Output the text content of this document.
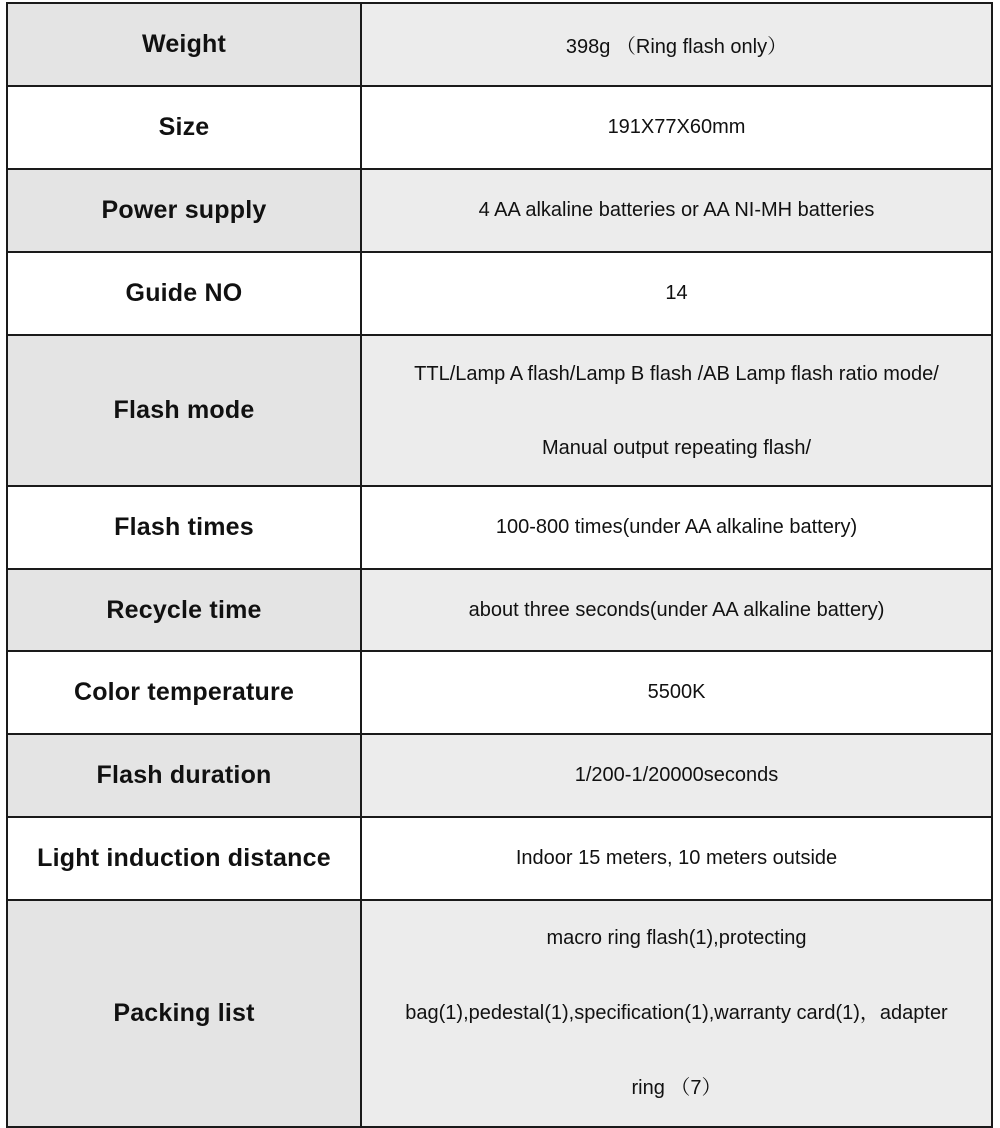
Weight	398g （Ring flash only）
Size	191X77X60mm
Power supply	4 AA alkaline batteries or AA NI-MH batteries
Guide NO	14
Flash mode	TTL/Lamp A flash/Lamp B flash /AB Lamp flash ratio mode/
Manual output repeating flash/

Flash times	100-800 times(under AA alkaline battery)
Recycle time	about three seconds(under AA alkaline battery)
Color temperature	5500K
Flash duration	1/200-1/20000seconds
Light induction distance	Indoor 15 meters, 10 meters outside
Packing list	macro ring flash(1),protecting
bag(1),pedestal(1),specification(1),warranty card(1)，adapter
ring （7）
